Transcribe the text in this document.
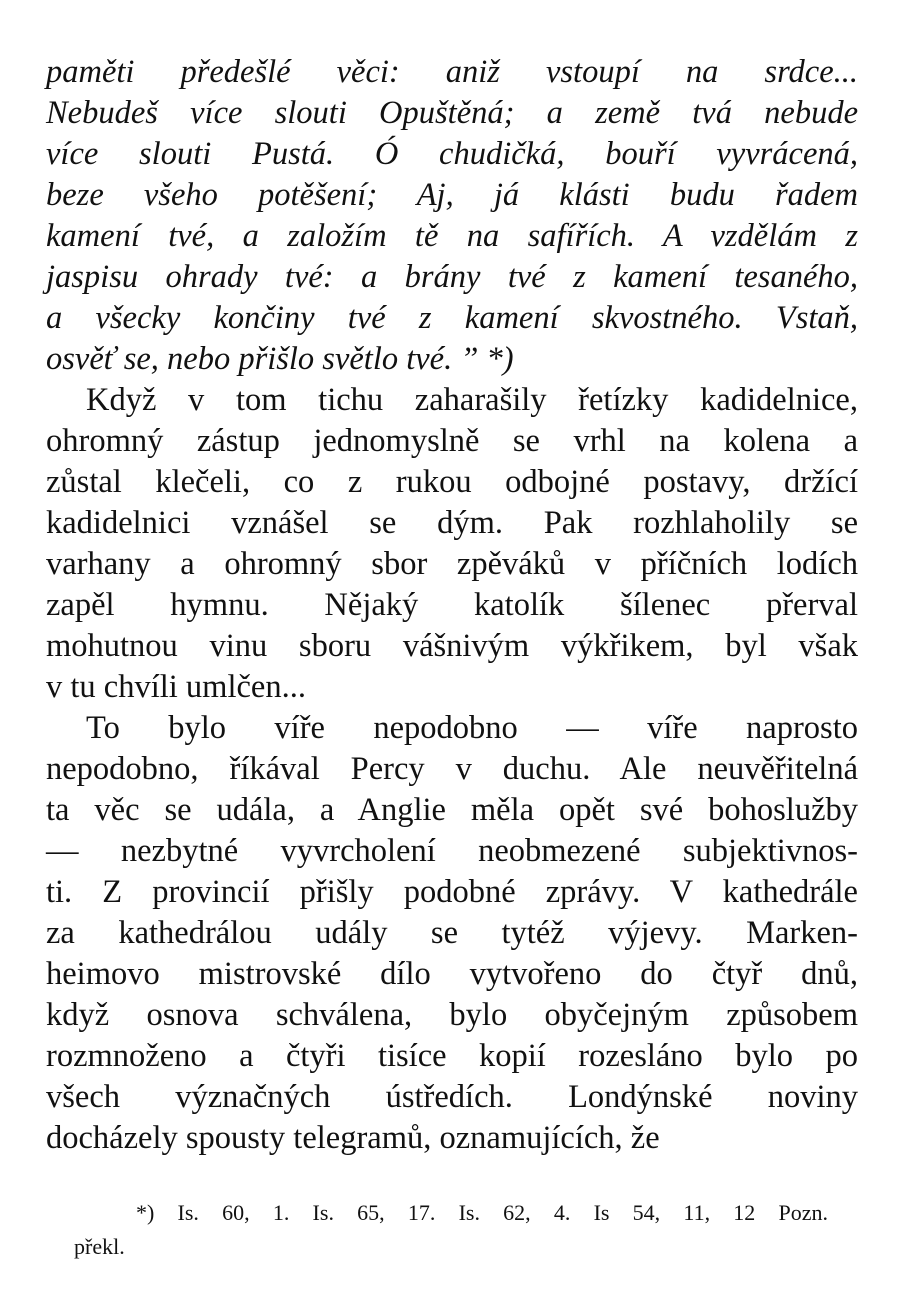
paměti předešlé věci: aniž vstoupí na srdce...
Nebudeš více slouti Opuštěná; a země tvá nebude
více slouti Pustá. Ó chudičká, bouří vyvrácená,
beze všeho potěšení; Aj, já klásti budu řadem
kamení tvé, a založím tě na safířích. A vzdělám z
jaspisu ohrady tvé: a brány tvé z kamení tesaného,
a všecky končiny tvé z kamení skvostného. Vstaň,
osvěť se, nebo přišlo světlo tvé. ” *)
Když v tom tichu zaharašily řetízky kadidelnice,
ohromný zástup jednomyslně se vrhl na kolena a
zůstal klečeli, co z rukou odbojné postavy, držící
kadidelnici vznášel se dým. Pak rozhlaholily se
varhany a ohromný sbor zpěváků v příčních lodích
zapěl hymnu. Nějaký katolík šílenec přerval
mohutnou vinu sboru vášnivým výkřikem, byl však
v tu chvíli umlčen...
To bylo víře nepodobno — víře naprosto
nepodobno, říkával Percy v duchu. Ale neuvěřitelná
ta věc se udála, a Anglie měla opět své bohoslužby
— nezbytné vyvrcholení neobmezené subjektivnos-
ti. Z provincií přišly podobné zprávy. V kathedrále
za kathedrálou udály se tytéž výjevy. Marken-
heimovo mistrovské dílo vytvořeno do čtyř dnů,
když osnova schválena, bylo obyčejným způsobem
rozmnoženo a čtyři tisíce kopií rozesláno bylo po
všech význačných ústředích. Londýnské noviny
docházely spousty telegramů, oznamujících, že
*) Is. 60, 1. Is. 65, 17. Is. 62, 4. Is 54, 11, 12 Pozn.
překl.
